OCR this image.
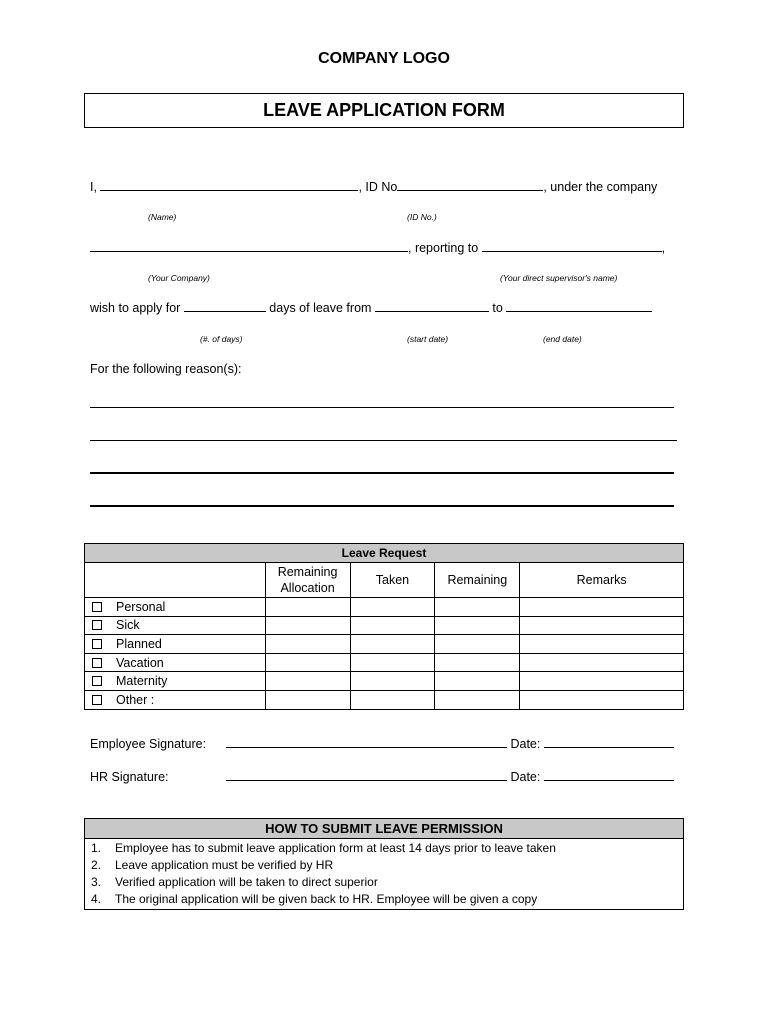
COMPANY LOGO
LEAVE APPLICATION FORM
I,	, ID No	, under the company
(Name)	(ID No.)
, reporting to	,
(Your Company)	(Your direct supervisor's name)
wish to apply for	days of leave from	to
(#. of days)	(start date)	(end date)
For the following reason(s):
Leave Request				
	Remaining Allocation	Taken	Remaining	Remarks
Personal				
Sick				
Planned				
Vacation				
Maternity				
Other :				
Employee Signature:	Date:
HR Signature:	Date:
HOW TO SUBMIT LEAVE PERMISSION
1. Employee has to submit leave application form at least 14 days prior to leave taken
2. Leave application must be verified by HR
3. Verified application will be taken to direct superior
4. The original application will be given back to HR. Employee will be given a copy
